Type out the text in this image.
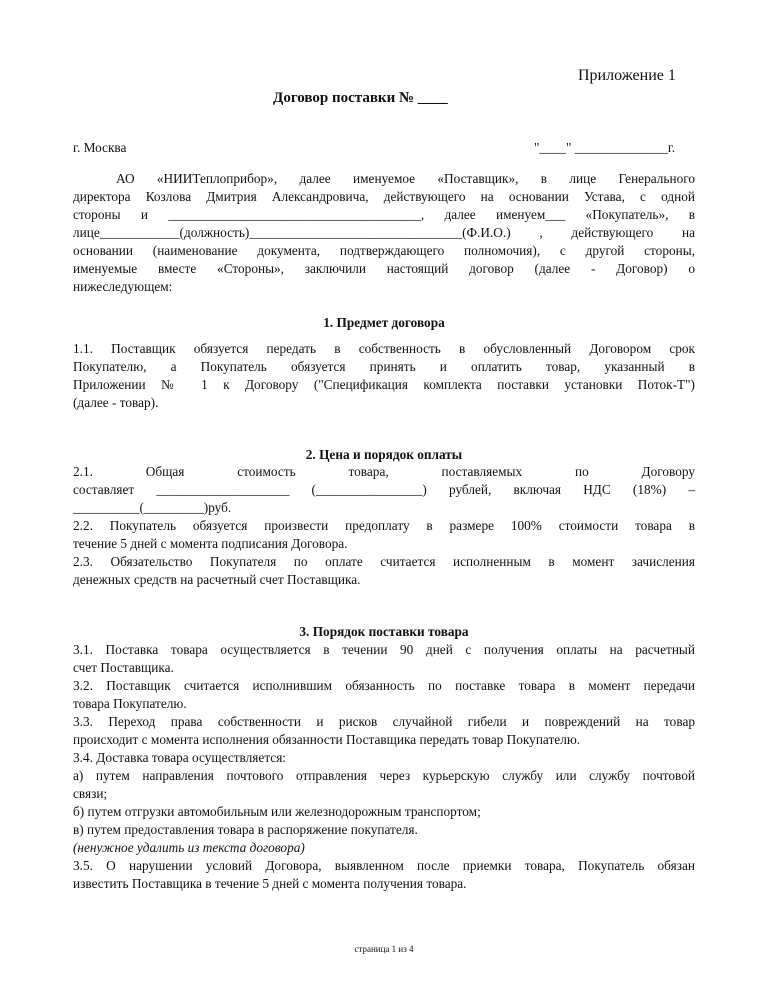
Приложение 1
Договор поставки № ____
г. Москва	"____" ______________г.
АО «НИИТеплоприбор», далее именуемое «Поставщик», в лице Генерального
директора Козлова Дмитрия Александровича, действующего на основании Устава, с одной
стороны и ______________________________________, далее именуем___ «Покупатель», в
лице____________(должность)________________________________(Ф.И.О.) , действующего на
основании (наименование документа, подтверждающего полномочия), с другой стороны,
именуемые вместе «Стороны», заключили настоящий договор (далее - Договор) о
нижеследующем:
1. Предмет договора
1.1. Поставщик обязуется передать в собственность в обусловленный Договором срок
Покупателю, а Покупатель обязуется принять и оплатить товар, указанный в
Приложении № 1 к Договору ("Спецификация комплекта поставки установки Поток-Т")
(далее - товар).
2. Цена и порядок оплаты
2.1. Общая стоимость товара, поставляемых по Договору
составляет ____________________ (________________) рублей, включая НДС (18%) –
__________(_________)руб.
2.2. Покупатель обязуется произвести предоплату в размере 100% стоимости товара в
течение 5 дней с момента подписания Договора.
2.3. Обязательство Покупателя по оплате считается исполненным в момент зачисления
денежных средств на расчетный счет Поставщика.
3. Порядок поставки товара
3.1. Поставка товара осуществляется в течении 90 дней с получения оплаты на расчетный
счет Поставщика.
3.2. Поставщик считается исполнившим обязанность по поставке товара в момент передачи
товара Покупателю.
3.3. Переход права собственности и рисков случайной гибели и повреждений на товар
происходит с момента исполнения обязанности Поставщика передать товар Покупателю.
3.4. Доставка товара осуществляется:
а) путем направления почтового отправления через курьерскую службу или службу почтовой
связи;
б) путем отгрузки автомобильным или железнодорожным транспортом;
в) путем предоставления товара в распоряжение покупателя.
(ненужное удалить из текста договора)
3.5. О нарушении условий Договора, выявленном после приемки товара, Покупатель обязан
известить Поставщика в течение 5 дней с момента получения товара.
страница 1 из 4
